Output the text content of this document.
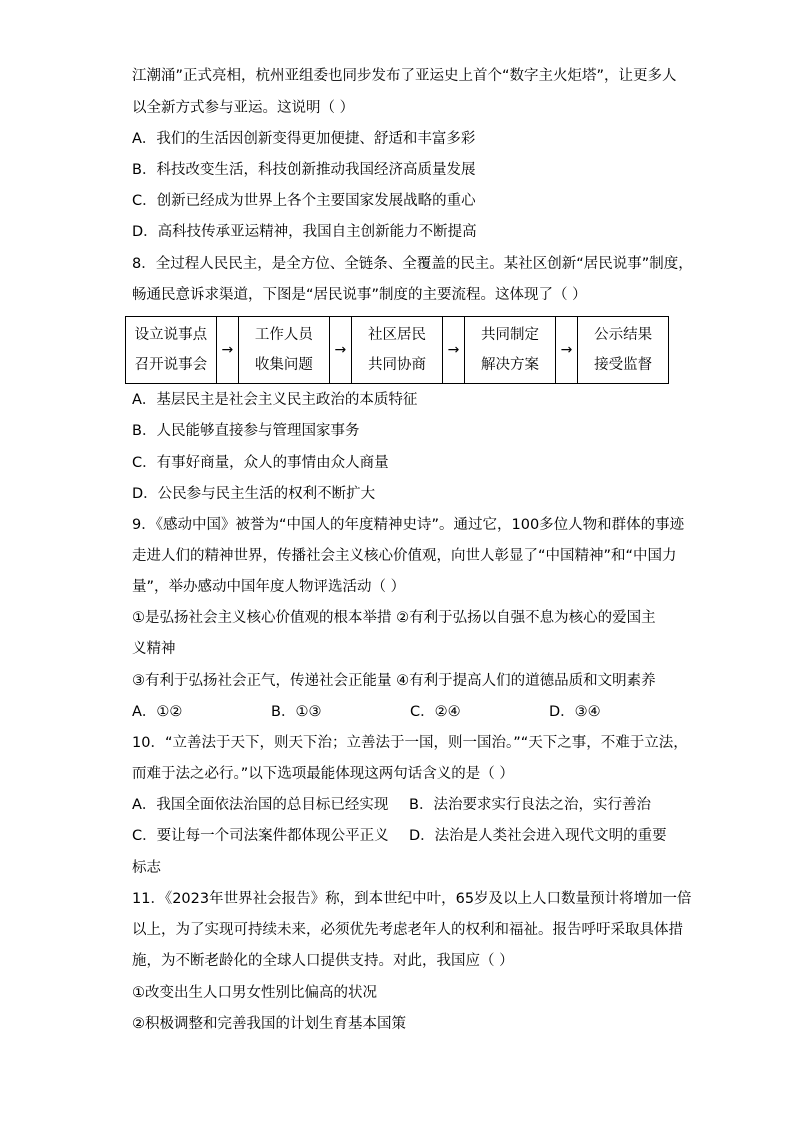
江潮涌”正式亮相，杭州亚组委也同步发布了亚运史上首个“数字主火炬塔”，让更多人
以全新方式参与亚运。这说明（ ）
A．我们的生活因创新变得更加便捷、舒适和丰富多彩
B．科技改变生活，科技创新推动我国经济高质量发展
C．创新已经成为世界上各个主要国家发展战略的重心
D．高科技传承亚运精神，我国自主创新能力不断提高
8．全过程人民民主，是全方位、全链条、全覆盖的民主。某社区创新“居民说事”制度，
畅通民意诉求渠道，下图是“居民说事”制度的主要流程。这体现了（ ）
设立说事点
召开说事会
	→	
工作人员
收集问题
	→	
社区居民
共同协商
	→	
共同制定
解决方案
	→	
公示结果
接受监督
A．基层民主是社会主义民主政治的本质特征
B．人民能够直接参与管理国家事务
C．有事好商量，众人的事情由众人商量
D．公民参与民主生活的权利不断扩大
9．《感动中国》被誉为“中国人的年度精神史诗”。通过它，100多位人物和群体的事迹
走进人们的精神世界，传播社会主义核心价值观，向世人彰显了“中国精神”和“中国力
量”，举办感动中国年度人物评选活动（ ）
①是弘扬社会主义核心价值观的根本举措 ②有利于弘扬以自强不息为核心的爱国主
义精神
③有利于弘扬社会正气，传递社会正能量 ④有利于提高人们的道德品质和文明素养
A．①②	B．①③	C．②④	D．③④
10．“立善法于天下，则天下治；立善法于一国，则一国治。”“天下之事，不难于立法，
而难于法之必行。”以下选项最能体现这两句话含义的是（ ）
A．我国全面依法治国的总目标已经实现 B．法治要求实行良法之治，实行善治
C．要让每一个司法案件都体现公平正义 D．法治是人类社会进入现代文明的重要
标志
11．《2023年世界社会报告》称，到本世纪中叶，65岁及以上人口数量预计将增加一倍
以上，为了实现可持续未来，必须优先考虑老年人的权利和福祉。报告呼吁采取具体措
施，为不断老龄化的全球人口提供支持。对此，我国应（ ）
①改变出生人口男女性别比偏高的状况
②积极调整和完善我国的计划生育基本国策
